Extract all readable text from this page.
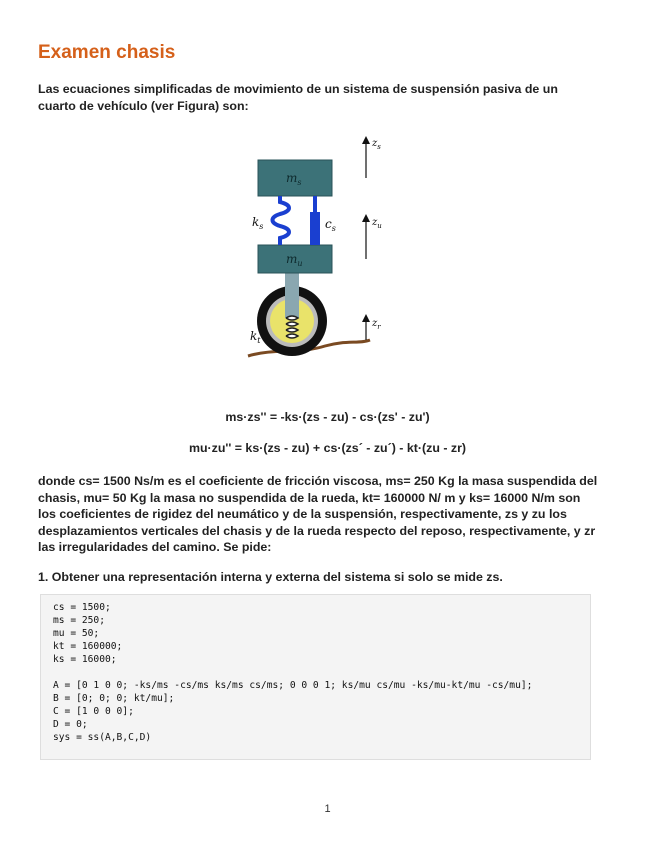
Examen chasis

Las ecuaciones simplificadas de movimiento de un sistema de suspensión pasiva de un cuarto de vehículo (ver Figura) son:

$z_s$
$z_u$
$z_r$
$m_s$
$m_u$
$k_s$	$c_s$
$k_t$

ms·zs'' = -ks·(zs - zu) - cs·(zs' - zu')

mu·zu'' = ks·(zs - zu) + cs·(zs´ - zu´) - kt·(zu - zr)

donde cs= 1500 Ns/m es el coeficiente de fricción viscosa, ms= 250 Kg la masa suspendida del chasis, mu= 50 Kg la masa no suspendida de la rueda, kt= 160000 N/ m y ks= 16000 N/m son los coeficientes de rigidez del neumático y de la suspensión, respectivamente, zs y zu los desplazamientos verticales del chasis y de la rueda respecto del reposo, respectivamente, y zr las irregularidades del camino. Se pide:

1. Obtener una representación interna y externa del sistema si solo se mide zs.

cs = 1500;
ms = 250;
mu = 50;
kt = 160000;
ks = 16000;
A = [0 1 0 0; -ks/ms -cs/ms ks/ms cs/ms; 0 0 0 1; ks/mu cs/mu -ks/mu-kt/mu -cs/mu];
B = [0; 0; 0; kt/mu];
C = [1 0 0 0];
D = 0;
sys = ss(A,B,C,D)
1
